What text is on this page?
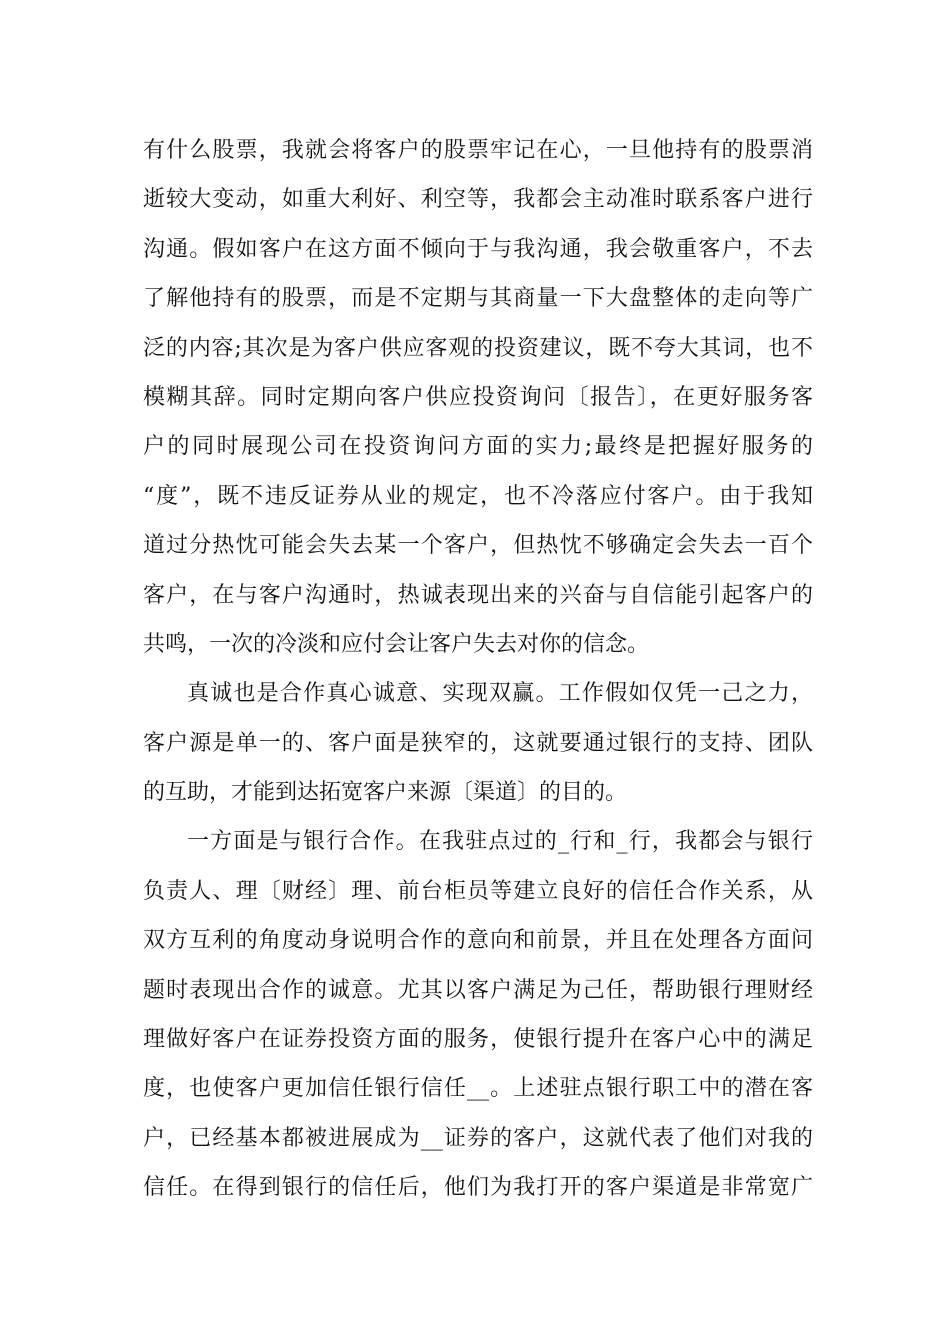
有什么股票，我就会将客户的股票牢记在心，一旦他持有的股票消
逝较大变动，如重大利好、利空等，我都会主动准时联系客户进行
沟通。假如客户在这方面不倾向于与我沟通，我会敬重客户，不去
了解他持有的股票，而是不定期与其商量一下大盘整体的走向等广
泛的内容;其次是为客户供应客观的投资建议，既不夸大其词，也不
模糊其辞。同时定期向客户供应投资询问〔报告〕，在更好服务客
户的同时展现公司在投资询问方面的实力;最终是把握好服务的
“度”，既不违反证券从业的规定，也不冷落应付客户。由于我知
道过分热忱可能会失去某一个客户，但热忱不够确定会失去一百个
客户，在与客户沟通时，热诚表现出来的兴奋与自信能引起客户的
共鸣，一次的冷淡和应付会让客户失去对你的信念。
真诚也是合作真心诚意、实现双赢。工作假如仅凭一己之力，
客户源是单一的、客户面是狭窄的，这就要通过银行的支持、团队
的互助，才能到达拓宽客户来源〔渠道〕的目的。
一方面是与银行合作。在我驻点过的_行和_行，我都会与银行
负责人、理〔财经〕理、前台柜员等建立良好的信任合作关系，从
双方互利的角度动身说明合作的意向和前景，并且在处理各方面问
题时表现出合作的诚意。尤其以客户满足为己任，帮助银行理财经
理做好客户在证券投资方面的服务，使银行提升在客户心中的满足
度，也使客户更加信任银行信任__。上述驻点银行职工中的潜在客
户，已经基本都被进展成为__证券的客户，这就代表了他们对我的
信任。在得到银行的信任后，他们为我打开的客户渠道是非常宽广
